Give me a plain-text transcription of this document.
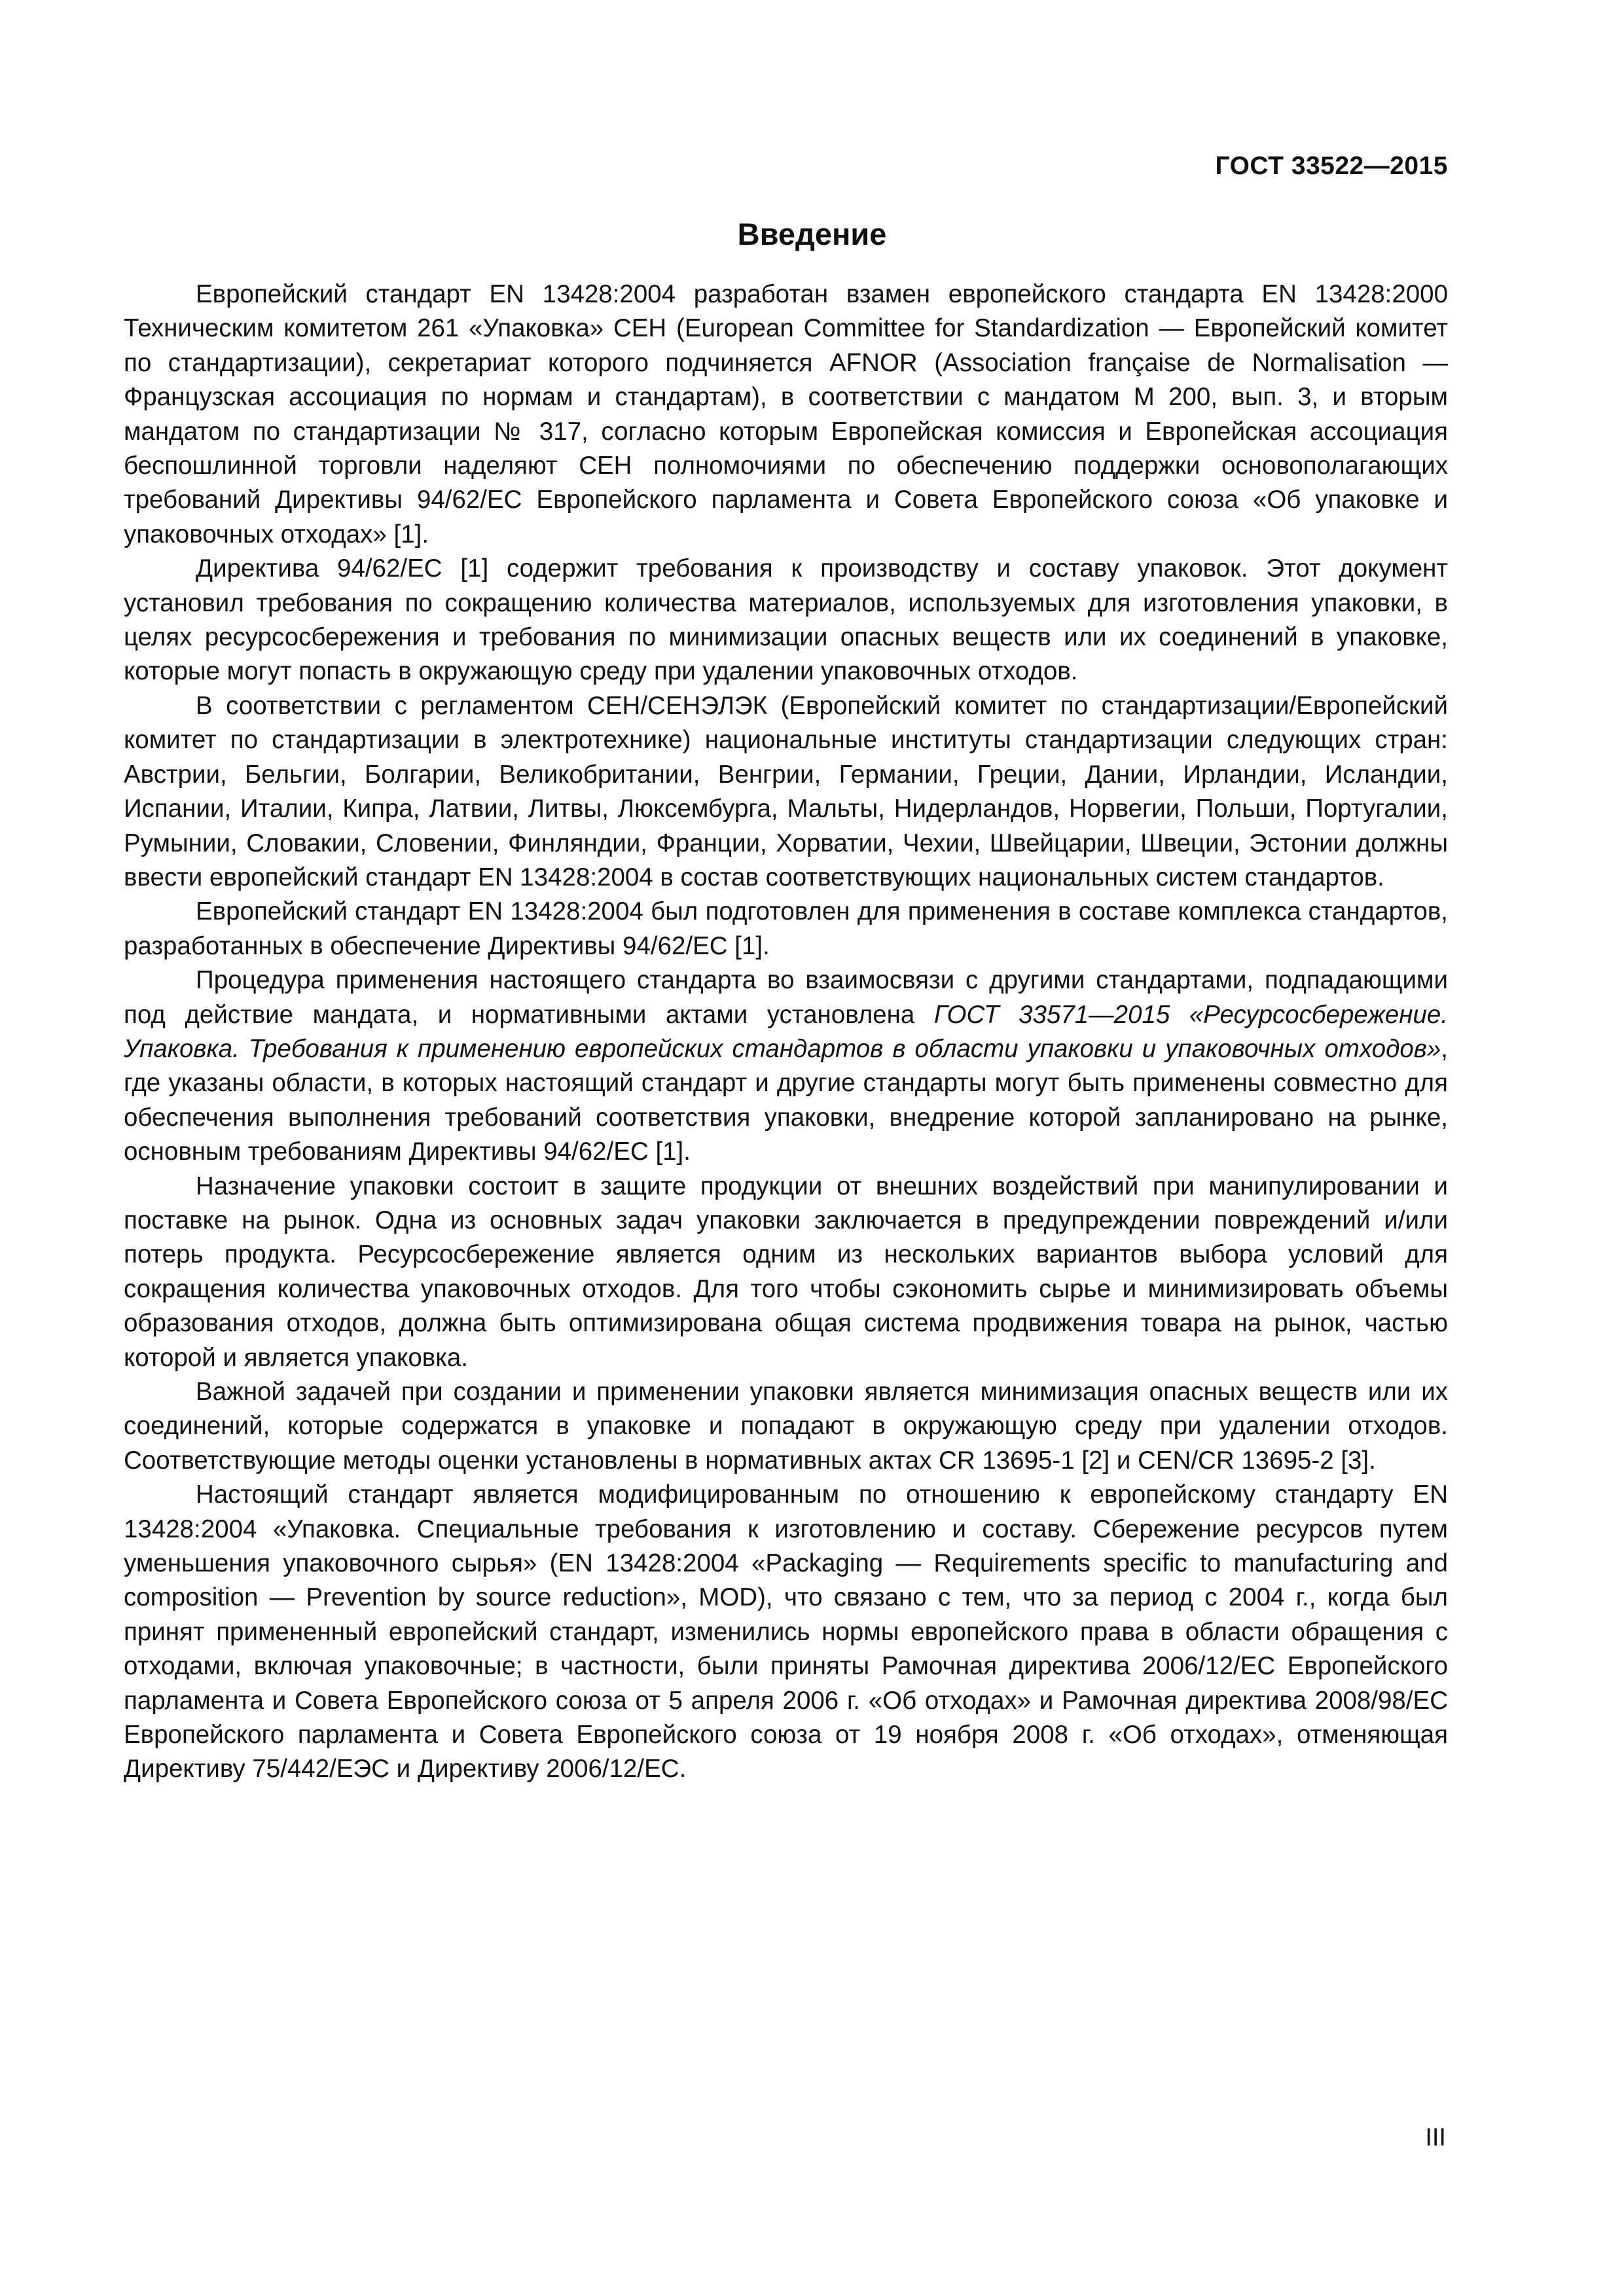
ГОСТ 33522—2015
Введение

Европейский стандарт EN 13428:2004 разработан взамен европейского стандарта EN 13428:2000 Техническим комитетом 261 «Упаковка» СЕН (European Committee for Standardization — Европейский комитет по стандартизации), секретариат которого подчиняется AFNOR (Association française de Normalisation — Французская ассоциация по нормам и стандартам), в соответствии с мандатом М 200, вып. 3, и вторым мандатом по стандартизации № 317, согласно которым Европейская комиссия и Европейская ассоциация беспошлинной торговли наделяют СЕН полномочиями по обеспечению поддержки основополагающих требований Директивы 94/62/ЕС Европейского парламента и Совета Европейского союза «Об упаковке и упаковочных отходах» [1].

Директива 94/62/ЕС [1] содержит требования к производству и составу упаковок. Этот документ установил требования по сокращению количества материалов, используемых для изготовления упаковки, в целях ресурсосбережения и требования по минимизации опасных веществ или их соединений в упаковке, которые могут попасть в окружающую среду при удалении упаковочных отходов.

В соответствии с регламентом СЕН/СЕНЭЛЭК (Европейский комитет по стандартизации/Европейский комитет по стандартизации в электротехнике) национальные институты стандартизации следующих стран: Австрии, Бельгии, Болгарии, Великобритании, Венгрии, Германии, Греции, Дании, Ирландии, Исландии, Испании, Италии, Кипра, Латвии, Литвы, Люксембурга, Мальты, Нидерландов, Норвегии, Польши, Португалии, Румынии, Словакии, Словении, Финляндии, Франции, Хорватии, Чехии, Швейцарии, Швеции, Эстонии должны ввести европейский стандарт EN 13428:2004 в состав соответствующих национальных систем стандартов.

Европейский стандарт EN 13428:2004 был подготовлен для применения в составе комплекса стандартов, разработанных в обеспечение Директивы 94/62/ЕС [1].

Процедура применения настоящего стандарта во взаимосвязи с другими стандартами, подпадающими под действие мандата, и нормативными актами установлена ГОСТ 33571—2015 «Ресурсосбережение. Упаковка. Требования к применению европейских стандартов в области упаковки и упаковочных отходов», где указаны области, в которых настоящий стандарт и другие стандарты могут быть применены совместно для обеспечения выполнения требований соответствия упаковки, внедрение которой запланировано на рынке, основным требованиям Директивы 94/62/ЕС [1].

Назначение упаковки состоит в защите продукции от внешних воздействий при манипулировании и поставке на рынок. Одна из основных задач упаковки заключается в предупреждении повреждений и/или потерь продукта. Ресурсосбережение является одним из нескольких вариантов выбора условий для сокращения количества упаковочных отходов. Для того чтобы сэкономить сырье и минимизировать объемы образования отходов, должна быть оптимизирована общая система продвижения товара на рынок, частью которой и является упаковка.

Важной задачей при создании и применении упаковки является минимизация опасных веществ или их соединений, которые содержатся в упаковке и попадают в окружающую среду при удалении отходов. Соответствующие методы оценки установлены в нормативных актах CR 13695-1 [2] и CEN/CR 13695-2 [3].

Настоящий стандарт является модифицированным по отношению к европейскому стандарту EN 13428:2004 «Упаковка. Специальные требования к изготовлению и составу. Сбережение ресурсов путем уменьшения упаковочного сырья» (EN 13428:2004 «Packaging — Requirements specific to manufacturing and composition — Prevention by source reduction», MOD), что связано с тем, что за период с 2004 г., когда был принят примененный европейский стандарт, изменились нормы европейского права в области обращения с отходами, включая упаковочные; в частности, были приняты Рамочная директива 2006/12/ЕС Европейского парламента и Совета Европейского союза от 5 апреля 2006 г. «Об отходах» и Рамочная директива 2008/98/ЕС Европейского парламента и Совета Европейского союза от 19 ноября 2008 г. «Об отходах», отменяющая Директиву 75/442/ЕЭС и Директиву 2006/12/ЕС.

III
